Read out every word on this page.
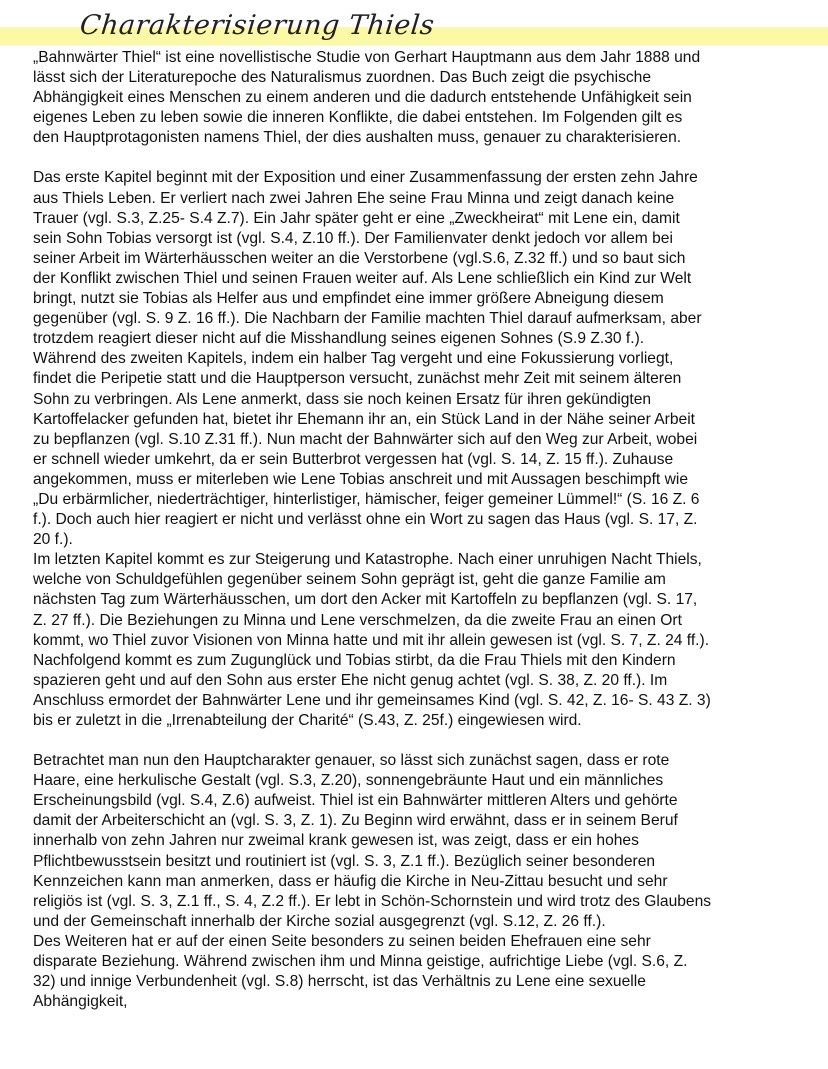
Charakterisierung Thiels

„Bahnwärter Thiel“ ist eine novellistische Studie von Gerhart Hauptmann aus dem Jahr 1888 und
lässt sich der Literaturepoche des Naturalismus zuordnen. Das Buch zeigt die psychische
Abhängigkeit eines Menschen zu einem anderen und die dadurch entstehende Unfähigkeit sein
eigenes Leben zu leben sowie die inneren Konflikte, die dabei entstehen. Im Folgenden gilt es
den Hauptprotagonisten namens Thiel, der dies aushalten muss, genauer zu charakterisieren.

Das erste Kapitel beginnt mit der Exposition und einer Zusammenfassung der ersten zehn Jahre
aus Thiels Leben. Er verliert nach zwei Jahren Ehe seine Frau Minna und zeigt danach keine
Trauer (vgl. S.3, Z.25- S.4 Z.7). Ein Jahr später geht er eine „Zweckheirat“ mit Lene ein, damit
sein Sohn Tobias versorgt ist (vgl. S.4, Z.10 ff.). Der Familienvater denkt jedoch vor allem bei
seiner Arbeit im Wärterhäusschen weiter an die Verstorbene (vgl.S.6, Z.32 ff.) und so baut sich
der Konflikt zwischen Thiel und seinen Frauen weiter auf. Als Lene schließlich ein Kind zur Welt
bringt, nutzt sie Tobias als Helfer aus und empfindet eine immer größere Abneigung diesem
gegenüber (vgl. S. 9 Z. 16 ff.). Die Nachbarn der Familie machten Thiel darauf aufmerksam, aber
trotzdem reagiert dieser nicht auf die Misshandlung seines eigenen Sohnes (S.9 Z.30 f.).
Während des zweiten Kapitels, indem ein halber Tag vergeht und eine Fokussierung vorliegt,
findet die Peripetie statt und die Hauptperson versucht, zunächst mehr Zeit mit seinem älteren
Sohn zu verbringen. Als Lene anmerkt, dass sie noch keinen Ersatz für ihren gekündigten
Kartoffelacker gefunden hat, bietet ihr Ehemann ihr an, ein Stück Land in der Nähe seiner Arbeit
zu bepflanzen (vgl. S.10 Z.31 ff.). Nun macht der Bahnwärter sich auf den Weg zur Arbeit, wobei
er schnell wieder umkehrt, da er sein Butterbrot vergessen hat (vgl. S. 14, Z. 15 ff.). Zuhause
angekommen, muss er miterleben wie Lene Tobias anschreit und mit Aussagen beschimpft wie
„Du erbärmlicher, niederträchtiger, hinterlistiger, hämischer, feiger gemeiner Lümmel!“ (S. 16 Z. 6
f.). Doch auch hier reagiert er nicht und verlässt ohne ein Wort zu sagen das Haus (vgl. S. 17, Z.
20 f.).
Im letzten Kapitel kommt es zur Steigerung und Katastrophe. Nach einer unruhigen Nacht Thiels,
welche von Schuldgefühlen gegenüber seinem Sohn geprägt ist, geht die ganze Familie am
nächsten Tag zum Wärterhäusschen, um dort den Acker mit Kartoffeln zu bepflanzen (vgl. S. 17,
Z. 27 ff.). Die Beziehungen zu Minna und Lene verschmelzen, da die zweite Frau an einen Ort
kommt, wo Thiel zuvor Visionen von Minna hatte und mit ihr allein gewesen ist (vgl. S. 7, Z. 24 ff.).
Nachfolgend kommt es zum Zugunglück und Tobias stirbt, da die Frau Thiels mit den Kindern
spazieren geht und auf den Sohn aus erster Ehe nicht genug achtet (vgl. S. 38, Z. 20 ff.). Im
Anschluss ermordet der Bahnwärter Lene und ihr gemeinsames Kind (vgl. S. 42, Z. 16- S. 43 Z. 3)
bis er zuletzt in die „Irrenabteilung der Charité“ (S.43, Z. 25f.) eingewiesen wird.

Betrachtet man nun den Hauptcharakter genauer, so lässt sich zunächst sagen, dass er rote
Haare, eine herkulische Gestalt (vgl. S.3, Z.20), sonnengebräunte Haut und ein männliches
Erscheinungsbild (vgl. S.4, Z.6) aufweist. Thiel ist ein Bahnwärter mittleren Alters und gehörte
damit der Arbeiterschicht an (vgl. S. 3, Z. 1). Zu Beginn wird erwähnt, dass er in seinem Beruf
innerhalb von zehn Jahren nur zweimal krank gewesen ist, was zeigt, dass er ein hohes
Pflichtbewusstsein besitzt und routiniert ist (vgl. S. 3, Z.1 ff.). Bezüglich seiner besonderen
Kennzeichen kann man anmerken, dass er häufig die Kirche in Neu-Zittau besucht und sehr
religiös ist (vgl. S. 3, Z.1 ff., S. 4, Z.2 ff.). Er lebt in Schön-Schornstein und wird trotz des Glaubens
und der Gemeinschaft innerhalb der Kirche sozial ausgegrenzt (vgl. S.12, Z. 26 ff.).
Des Weiteren hat er auf der einen Seite besonders zu seinen beiden Ehefrauen eine sehr
disparate Beziehung. Während zwischen ihm und Minna geistige, aufrichtige Liebe (vgl. S.6, Z.
32) und innige Verbundenheit (vgl. S.8) herrscht, ist das Verhältnis zu Lene eine sexuelle
Abhängigkeit,
